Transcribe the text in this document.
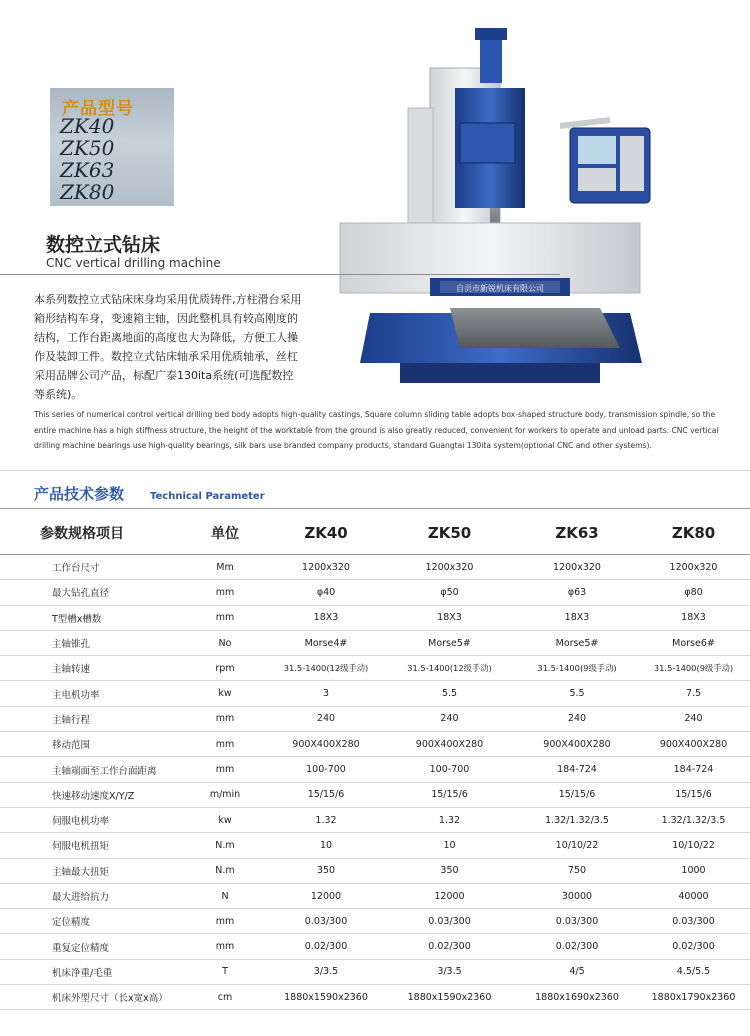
产品型号
ZK40
ZK50
ZK63
ZK80
自贡市新锐机床有限公司
数控立式钻床
CNC vertical drilling machine
本系列数控立式钻床床身均采用优质铸件,方柱滑台采用箱形结构车身，变速箱主轴，因此整机具有较高刚度的结构，工作台距离地面的高度也大为降低，方便工人操作及装卸工件。数控立式钻床轴承采用优质轴承，丝杠采用品牌公司产品，标配广泰130ita系统(可选配数控等系统)。
This series of numerical control vertical drilling bed body adopts high-quality castings, Square column sliding table adopts box-shaped structure body, transmission spindle, so the entire machine has a high stiffness structure, the height of the worktable from the ground is also greatly reduced, convenient for workers to operate and unload parts. CNC vertical drilling machine bearings use high-quality bearings, silk bars use branded company products, standard Guangtai 130ita system(optional CNC and other systems).
产品技术参数	Technical Parameter
参数规格项目	单位	ZK40	ZK50	ZK63	ZK80
工作台尺寸	Mm	1200x320	1200x320	1200x320	1200x320
最大钻孔直径	mm	φ40	φ50	φ63	φ80
T型槽x槽数	mm	18X3	18X3	18X3	18X3
主轴锥孔	No	Morse4#	Morse5#	Morse5#	Morse6#
主轴转速	rpm	31.5-1400(12级手动)	31.5-1400(12级手动)	31.5-1400(9级手动)	31.5-1400(9级手动)
主电机功率	kw	3	5.5	5.5	7.5
主轴行程	mm	240	240	240	240
移动范围	mm	900X400X280	900X400X280	900X400X280	900X400X280
主轴端面至工作台面距离	mm	100-700	100-700	184-724	184-724
快速移动速度X/Y/Z	m/min	15/15/6	15/15/6	15/15/6	15/15/6
伺服电机功率	kw	1.32	1.32	1.32/1.32/3.5	1.32/1.32/3.5
伺服电机扭矩	N.m	10	10	10/10/22	10/10/22
主轴最大扭矩	N.m	350	350	750	1000
最大进给抗力	N	12000	12000	30000	40000
定位精度	mm	0.03/300	0.03/300	0.03/300	0.03/300
重复定位精度	mm	0.02/300	0.02/300	0.02/300	0.02/300
机床净重/毛重	T	3/3.5	3/3.5	4/5	4.5/5.5
机床外型尺寸（长x宽x高）	cm	1880x1590x2360	1880x1590x2360	1880x1690x2360	1880x1790x2360
